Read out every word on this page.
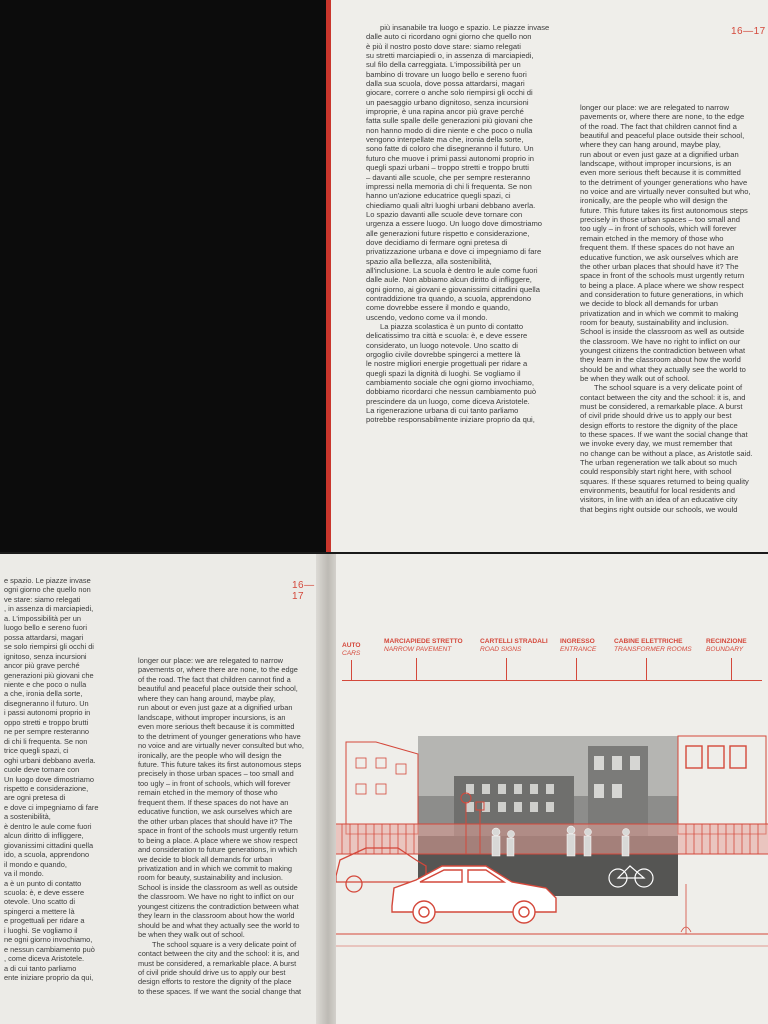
16—17

più insanabile tra luogo e spazio. Le piazze invase

dalle auto ci ricordano ogni giorno che quello non

è più il nostro posto dove stare: siamo relegati

su stretti marciapiedi o, in assenza di marciapiedi,

sul filo della carreggiata. L'impossibilità per un

bambino di trovare un luogo bello e sereno fuori

dalla sua scuola, dove possa attardarsi, magari

giocare, correre o anche solo riempirsi gli occhi di

un paesaggio urbano dignitoso, senza incursioni

improprie, è una rapina ancor più grave perché

fatta sulle spalle delle generazioni più giovani che

non hanno modo di dire niente e che poco o nulla

vengono interpellate ma che, ironia della sorte,

sono fatte di coloro che disegneranno il futuro. Un

futuro che muove i primi passi autonomi proprio in

quegli spazi urbani – troppo stretti e troppo brutti

– davanti alle scuole, che per sempre resteranno

impressi nella memoria di chi li frequenta. Se non

hanno un'azione educatrice quegli spazi, ci

chiediamo quali altri luoghi urbani debbano averla.

Lo spazio davanti alle scuole deve tornare con

urgenza a essere luogo. Un luogo dove dimostriamo

alle generazioni future rispetto e considerazione,

dove decidiamo di fermare ogni pretesa di

privatizzazione urbana e dove ci impegniamo di fare

spazio alla bellezza, alla sostenibilità,

all'inclusione. La scuola è dentro le aule come fuori

dalle aule. Non abbiamo alcun diritto di infliggere,

ogni giorno, ai giovani e giovanissimi cittadini quella

contraddizione tra quando, a scuola, apprendono

come dovrebbe essere il mondo e quando,

uscendo, vedono come va il mondo.

La piazza scolastica è un punto di contatto

delicatissimo tra città e scuola: è, e deve essere

considerato, un luogo notevole. Uno scatto di

orgoglio civile dovrebbe spingerci a mettere là

le nostre migliori energie progettuali per ridare a

quegli spazi la dignità di luoghi. Se vogliamo il

cambiamento sociale che ogni giorno invochiamo,

dobbiamo ricordarci che nessun cambiamento può

prescindere da un luogo, come diceva Aristotele.

La rigenerazione urbana di cui tanto parliamo

potrebbe responsabilmente iniziare proprio da qui,

longer our place: we are relegated to narrow

pavements or, where there are none, to the edge

of the road. The fact that children cannot find a

beautiful and peaceful place outside their school,

where they can hang around, maybe play,

run about or even just gaze at a dignified urban

landscape, without improper incursions, is an

even more serious theft because it is committed

to the detriment of younger generations who have

no voice and are virtually never consulted but who,

ironically, are the people who will design the

future. This future takes its first autonomous steps

precisely in those urban spaces – too small and

too ugly – in front of schools, which will forever

remain etched in the memory of those who

frequent them. If these spaces do not have an

educative function, we ask ourselves which are

the other urban places that should have it? The

space in front of the schools must urgently return

to being a place. A place where we show respect

and consideration to future generations, in which

we decide to block all demands for urban

privatization and in which we commit to making

room for beauty, sustainability and inclusion.

School is inside the classroom as well as outside

the classroom. We have no right to inflict on our

youngest citizens the contradiction between what

they learn in the classroom about how the world

should be and what they actually see the world to

be when they walk out of school.

The school square is a very delicate point of

contact between the city and the school: it is, and

must be considered, a remarkable place. A burst

of civil pride should drive us to apply our best

design efforts to restore the dignity of the place

to these spaces. If we want the social change that

we invoke every day, we must remember that

no change can be without a place, as Aristotle said.

The urban regeneration we talk about so much

could responsibly start right here, with school

squares. If these squares returned to being quality

environments, beautiful for local residents and

visitors, in line with an idea of an educative city

that begins right outside our schools, we would

e spazio. Le piazze invase

ogni giorno che quello non

ve stare: siamo relegati

, in assenza di marciapiedi,

a. L'impossibilità per un

luogo bello e sereno fuori

possa attardarsi, magari

se solo riempirsi gli occhi di

ignitoso, senza incursioni

ancor più grave perché

generazioni più giovani che

niente e che poco o nulla

a che, ironia della sorte,

disegneranno il futuro. Un

i passi autonomi proprio in

oppo stretti e troppo brutti

ne per sempre resteranno

di chi li frequenta. Se non

trice quegli spazi, ci

oghi urbani debbano averla.

cuole deve tornare con

Un luogo dove dimostriamo

rispetto e considerazione,

are ogni pretesa di

e dove ci impegniamo di fare

a sostenibilità,

è dentro le aule come fuori

alcun diritto di infliggere,

giovanissimi cittadini quella

ido, a scuola, apprendono

il mondo e quando,

va il mondo.

a è un punto di contatto

scuola: è, e deve essere

otevole. Uno scatto di

spingerci a mettere là

e progettuali per ridare a

i luoghi. Se vogliamo il

ne ogni giorno invochiamo,

e nessun cambiamento può

, come diceva Aristotele.

a di cui tanto parliamo

ente iniziare proprio da qui,

16—17

longer our place: we are relegated to narrow

pavements or, where there are none, to the edge

of the road. The fact that children cannot find a

beautiful and peaceful place outside their school,

where they can hang around, maybe play,

run about or even just gaze at a dignified urban

landscape, without improper incursions, is an

even more serious theft because it is committed

to the detriment of younger generations who have

no voice and are virtually never consulted but who,

ironically, are the people who will design the

future. This future takes its first autonomous steps

precisely in those urban spaces – too small and

too ugly – in front of schools, which will forever

remain etched in the memory of those who

frequent them. If these spaces do not have an

educative function, we ask ourselves which are

the other urban places that should have it? The

space in front of the schools must urgently return

to being a place. A place where we show respect

and consideration to future generations, in which

we decide to block all demands for urban

privatization and in which we commit to making

room for beauty, sustainability and inclusion.

School is inside the classroom as well as outside

the classroom. We have no right to inflict on our

youngest citizens the contradiction between what

they learn in the classroom about how the world

should be and what they actually see the world to

be when they walk out of school.

The school square is a very delicate point of

contact between the city and the school: it is, and

must be considered, a remarkable place. A burst

of civil pride should drive us to apply our best

design efforts to restore the dignity of the place

to these spaces. If we want the social change that

AUTO
CARS
MARCIAPIEDE STRETTO
NARROW PAVEMENT
CARTELLI STRADALI
ROAD SIGNS
INGRESSO
ENTRANCE
CABINE ELETTRICHE
TRANSFORMER ROOMS
RECINZIONE
BOUNDARY
